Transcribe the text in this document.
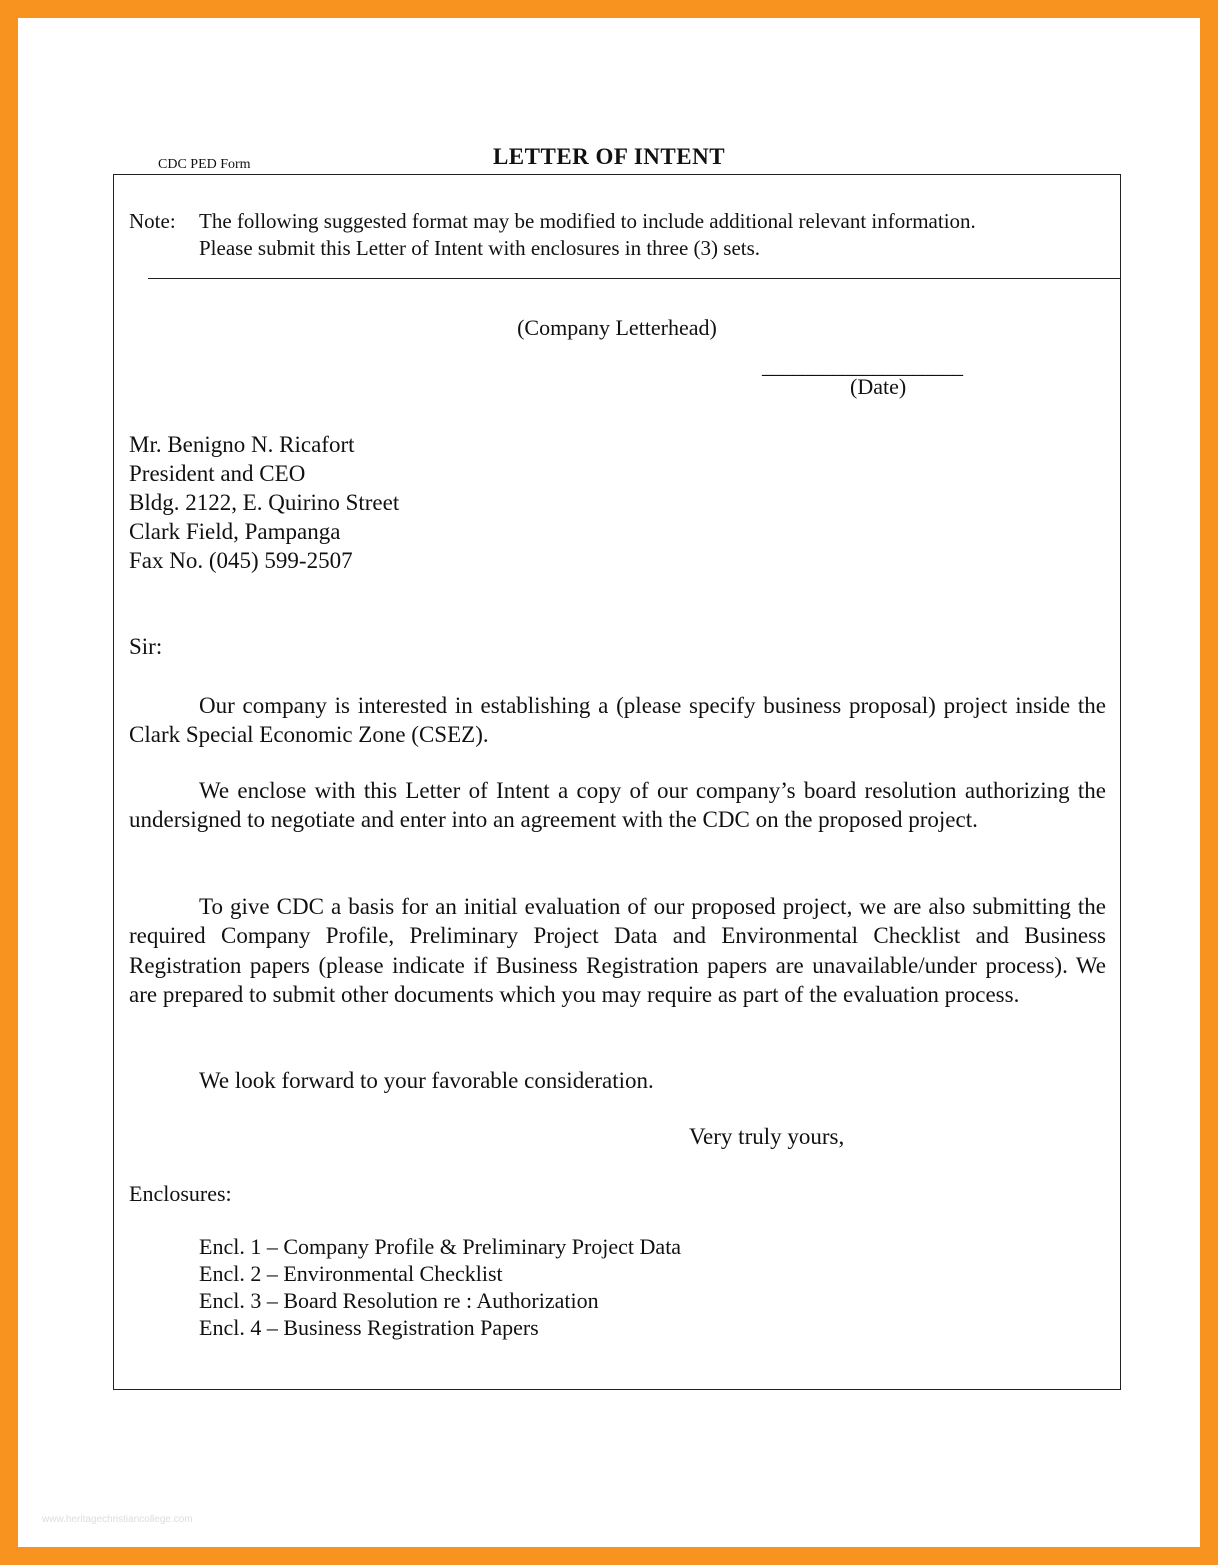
LETTER OF INTENT
CDC PED Form
Note: The following suggested format may be modified to include additional relevant information.
Please submit this Letter of Intent with enclosures in three (3) sets.
(Company Letterhead)
____________________
(Date)
Mr. Benigno N. Ricafort
President and CEO
Bldg. 2122, E. Quirino Street
Clark Field, Pampanga
Fax No. (045) 599-2507
Sir:
Our company is interested in establishing a (please specify business proposal) project inside the Clark Special Economic Zone (CSEZ).
We enclose with this Letter of Intent a copy of our company’s board resolution authorizing the undersigned to negotiate and enter into an agreement with the CDC on the proposed project.
To give CDC a basis for an initial evaluation of our proposed project, we are also submitting the required Company Profile, Preliminary Project Data and Environmental Checklist and Business Registration papers (please indicate if Business Registration papers are unavailable/under process). We are prepared to submit other documents which you may require as part of the evaluation process.
We look forward to your favorable consideration.
Very truly yours,
Enclosures:
Encl. 1 – Company Profile & Preliminary Project Data
Encl. 2 – Environmental Checklist
Encl. 3 – Board Resolution re : Authorization
Encl. 4 – Business Registration Papers
www.heritagechristiancollege.com
